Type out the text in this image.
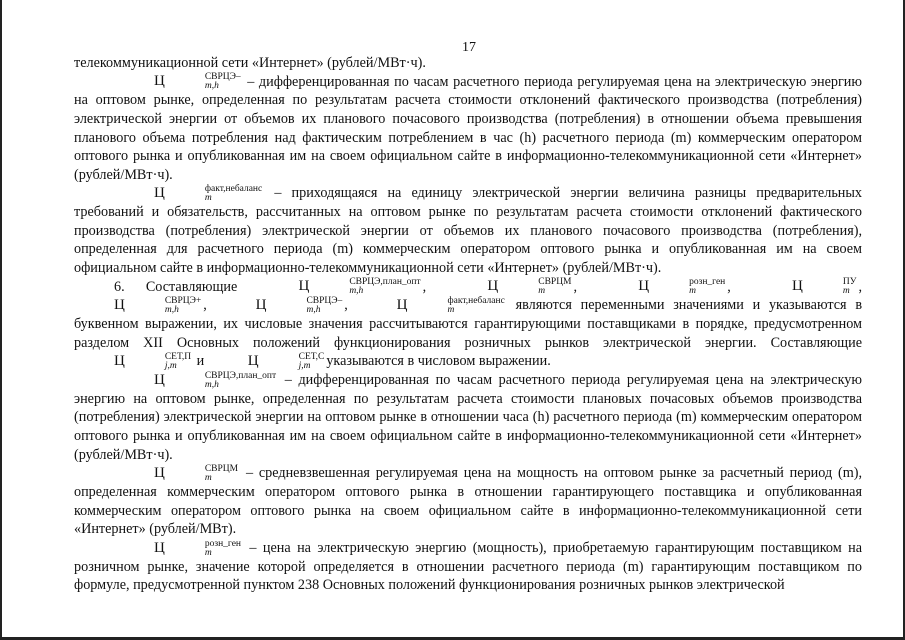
17

телекоммуникационной сети «Интернет» (рублей/МВт·ч).

Ц	СВРЦЭ–
m,h	– дифференцированная по часам расчетного периода регулируемая цена на электрическую энергию на оптовом рынке, определенная по результатам расчета стоимости отклонений фактического производства (потребления) электрической энергии от объемов их планового почасового производства (потребления) в отношении объема превышения планового объема потребления над фактическим потреблением в час (h) расчетного периода (m) коммерческим оператором оптового рынка и опубликованная им на своем официальном сайте в информационно-телекоммуникационной сети «Интернет» (рублей/МВт·ч).

Ц	факт,небаланс
m	– приходящаяся на единицу электрической энергии величина разницы предварительных требований и обязательств, рассчитанных на оптовом рынке по результатам расчета стоимости отклонений фактического производства (потребления) электрической энергии от объемов их планового почасового производства (потребления), определенная для расчетного периода (m) коммерческим оператором оптового рынка и опубликованная им на своем официальном сайте в информационно-телекоммуникационной сети «Интернет» (рублей/МВт·ч).

6. Составляющие	Ц	СВРЦЭ,план_опт
m,h	,	Ц	СВРЦМ
m	,	Ц	розн_ген
m	,	Ц	ПУ
m , Ц	СВРЦЭ+
m,h	,	Ц	СВРЦЭ–
m,h	,	Ц	факт,небаланс
m	являются переменными значениями и указываются в буквенном выражении, их числовые значения рассчитываются гарантирующими поставщиками в порядке, предусмотренном разделом XII Основных положений функционирования розничных рынков электрической энергии. Составляющие Ц	СЕТ,П
j,m	и	Ц	СЕТ,С
j,m	указываются в числовом выражении.

Ц	СВРЦЭ,план_опт
m,h	– дифференцированная по часам расчетного периода регулируемая цена на электрическую энергию на оптовом рынке, определенная по результатам расчета стоимости плановых почасовых объемов производства (потребления) электрической энергии на оптовом рынке в отношении часа (h) расчетного периода (m) коммерческим оператором оптового рынка и опубликованная им на своем официальном сайте в информационно-телекоммуникационной сети «Интернет» (рублей/МВт·ч).

Ц	СВРЦМ
m	– средневзвешенная регулируемая цена на мощность на оптовом рынке за расчетный период (m), определенная коммерческим оператором оптового рынка в отношении гарантирующего поставщика и опубликованная коммерческим оператором оптового рынка на своем официальном сайте в информационно-телекоммуникационной сети «Интернет» (рублей/МВт).

Ц	розн_ген
m	– цена на электрическую энергию (мощность), приобретаемую гарантирующим поставщиком на розничном рынке, значение которой определяется в отношении расчетного периода (m) гарантирующим поставщиком по формуле, предусмотренной пунктом 238 Основных положений функционирования розничных рынков электрической
